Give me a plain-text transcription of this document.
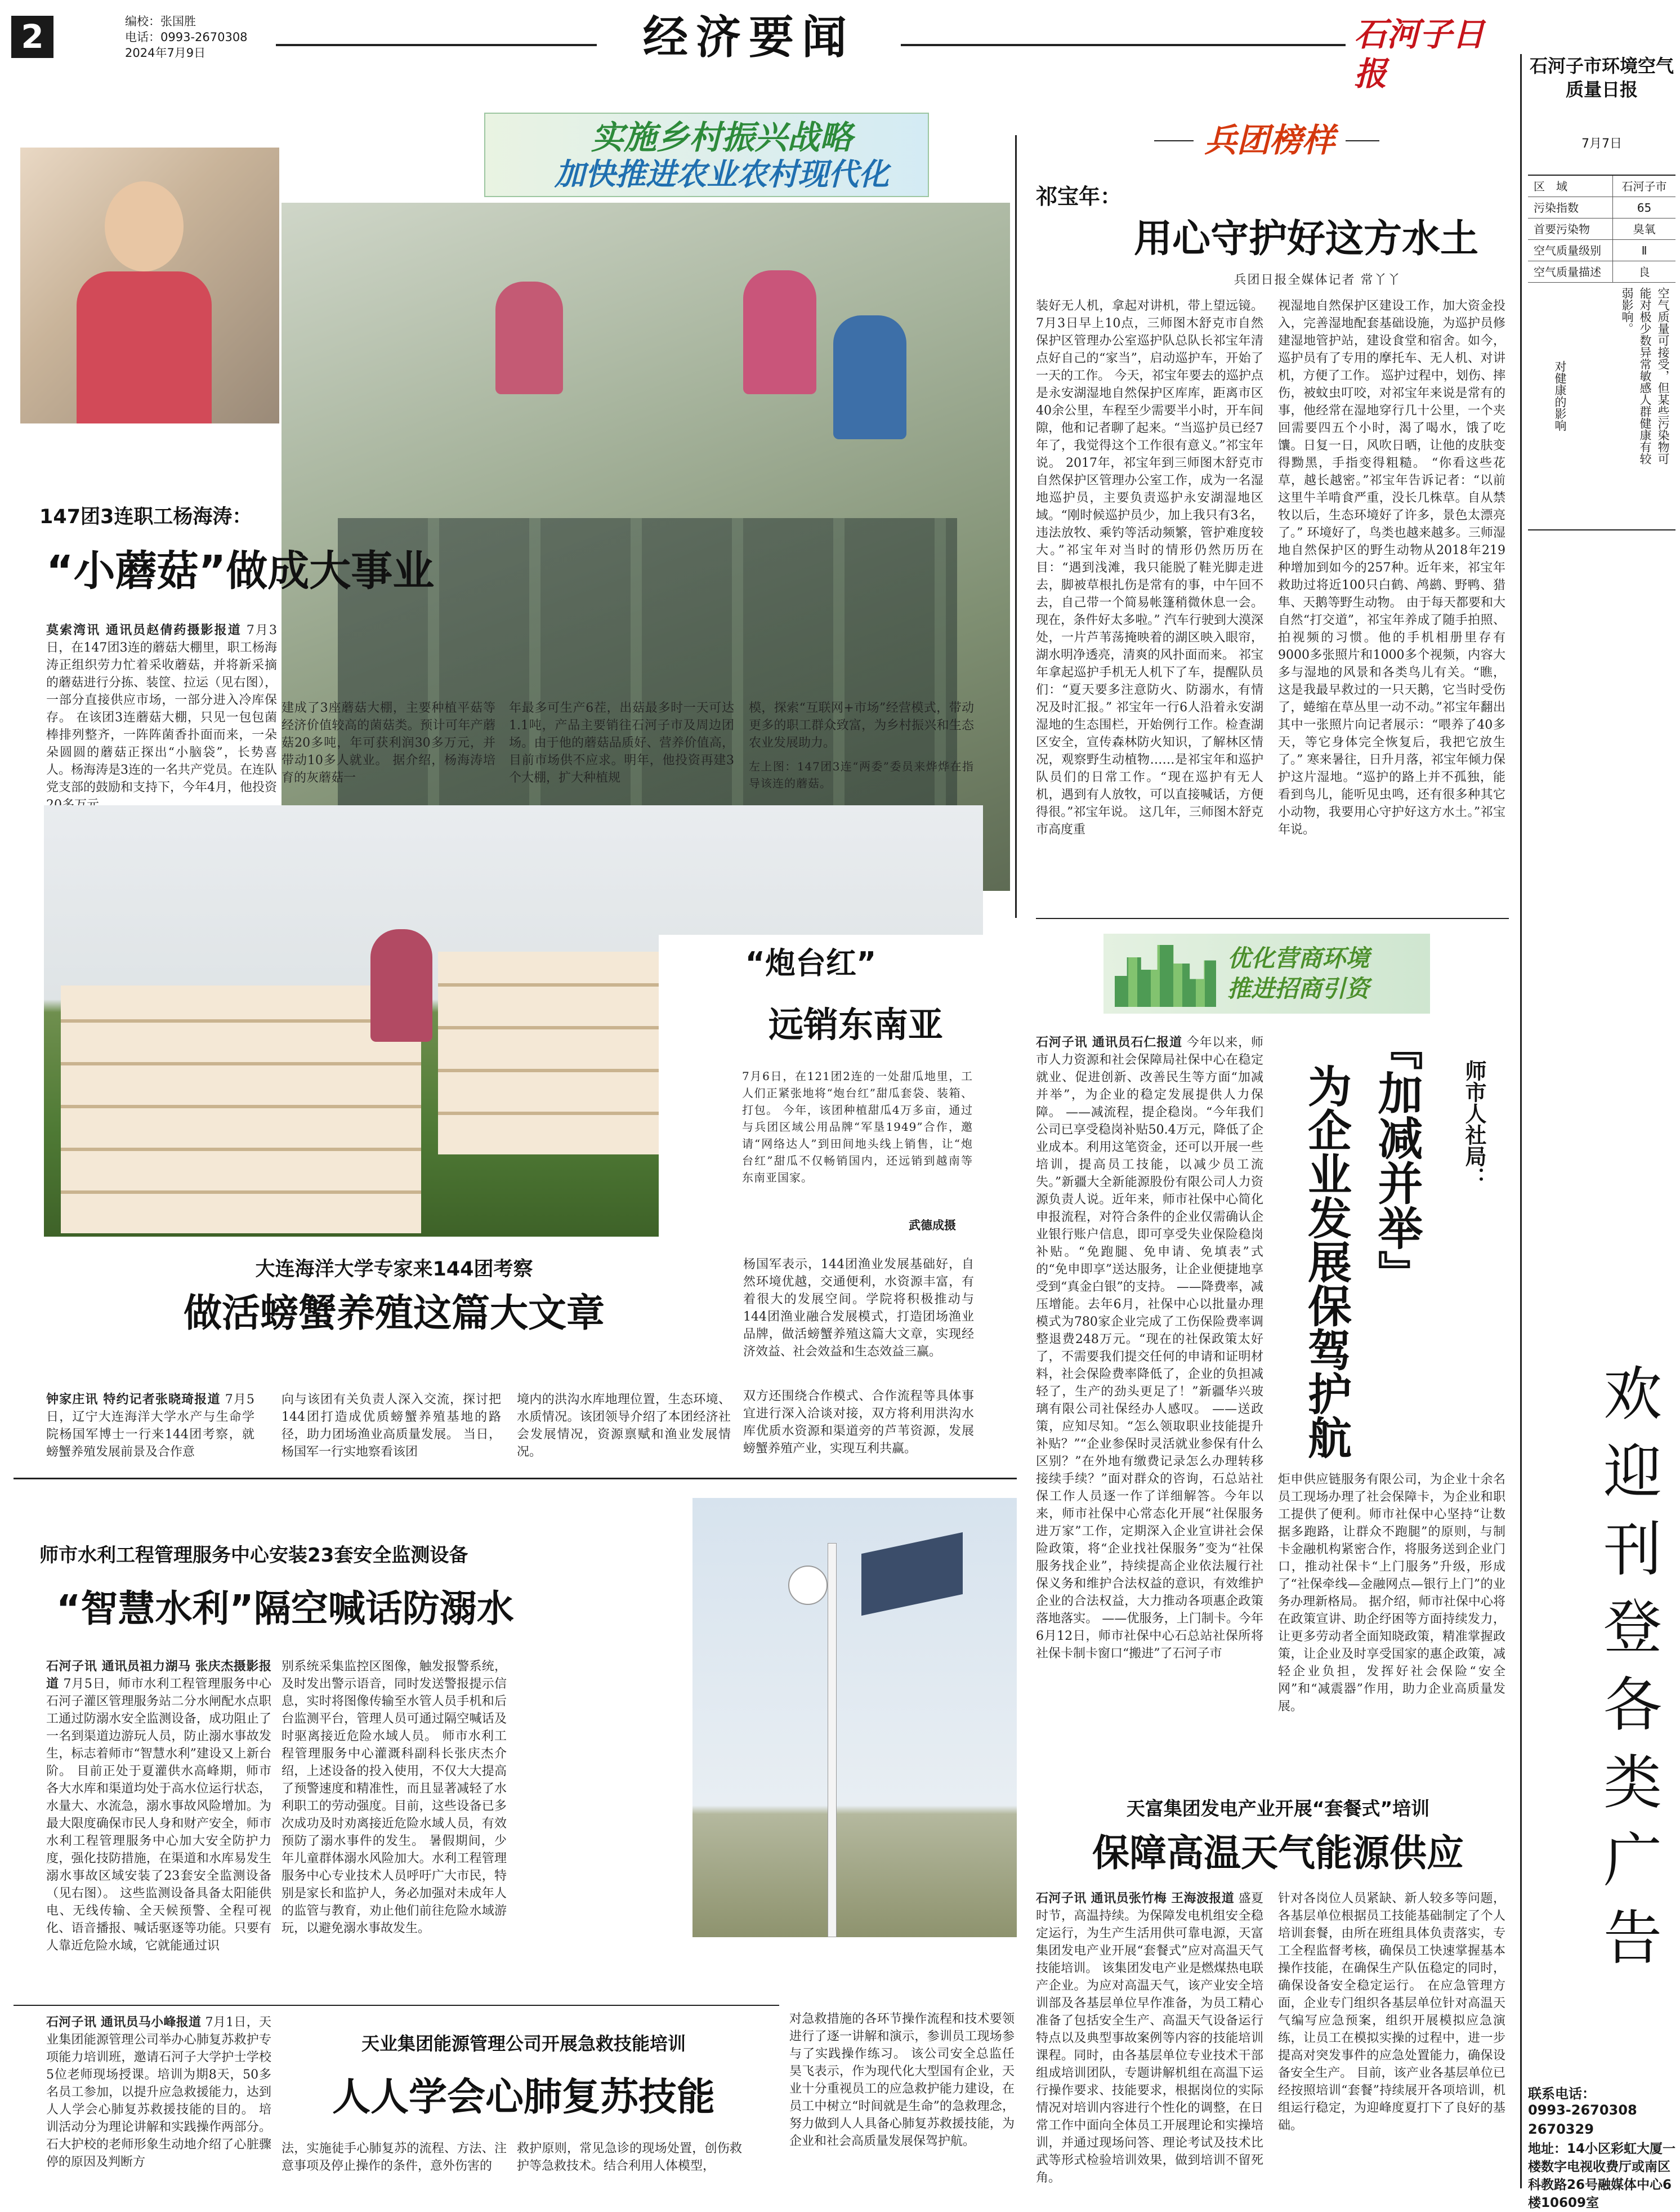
2	编校：张国胜
电话：0993-2670308
2024年7月9日	经济要闻	石河子日报
实施乡村振兴战略
加快推进农业农村现代化
147团3连职工杨海涛：
“小蘑菇”做成大事业
莫索湾讯 通讯员赵倩药摄影报道 7月3日，在147团3连的蘑菇大棚里，职工杨海涛正组织劳力忙着采收蘑菇，并将新采摘的蘑菇进行分拣、装筐、拉运（见右图），一部分直接供应市场，一部分进入冷库保存。 在该团3连蘑菇大棚，只见一包包菌棒排列整齐，一阵阵菌香扑面而来，一朵朵圆圆的蘑菇正探出“小脑袋”，长势喜人。杨海涛是3连的一名共产党员。在连队党支部的鼓励和支持下，今年4月，他投资
建成了3座蘑菇大棚，主要种植平菇等经济价值较高的菌菇类。预计可年产蘑菇20多吨，年可获利润30多万元，并带动10多人就业。 据介绍，杨海涛培育的灰蘑菇一
年最多可生产6茬，出菇最多时一天可达1.1吨，产品主要销往石河子市及周边团场。由于他的蘑菇品质好、营养价值高，目前市场供不应求。明年，他投资再建3个大棚，扩大种植规
模，探索“互联网+市场”经营模式，带动更多的职工群众致富，为乡村振兴和生态农业发展助力。
左上图：147团3连“两委”委员来烨烨在指导该连的蘑菇。
“炮台红”
远销东南亚
7月6日，在121团2连的一处甜瓜地里，工人们正紧张地将“炮台红”甜瓜套袋、装箱、打包。 今年，该团种植甜瓜4万多亩，通过与兵团区域公用品牌“军垦1949”合作，邀请“网络达人”到田间地头线上销售，让“炮台红”甜瓜不仅畅销国内，还远销到越南等东南亚国家。
武德成摄
大连海洋大学专家来144团考察
做活螃蟹养殖这篇大文章
钟家庄讯 特约记者张晓琦报道 7月5日，辽宁大连海洋大学水产与生命学院杨国军博士一行来144团考察，就螃蟹养殖发展前景及合作意
向与该团有关负责人深入交流，探讨把144团打造成优质螃蟹养殖基地的路径，助力团场渔业高质量发展。 当日，杨国军一行实地察看该团
境内的洪沟水库地理位置，生态环境、水质情况。该团领导介绍了本团经济社会发展情况，资源禀赋和渔业发展情况。
杨国军表示，144团渔业发展基础好，自然环境优越，交通便利，水资源丰富，有着很大的发展空间。学院将积极推动与144团渔业融合发展模式，打造团场渔业品牌，做活螃蟹养殖这篇大文章，实现经济效益、社会效益和生态效益三赢。
双方还围绕合作模式、合作流程等具体事宜进行深入洽谈对接，双方将利用洪沟水库优质水资源和渠道旁的芦苇资源，发展螃蟹养殖产业，实现互利共赢。
师市水利工程管理服务中心安装23套安全监测设备
“智慧水利”隔空喊话防溺水
石河子讯 通讯员祖力湖马 张庆杰摄影报道 7月5日，师市水利工程管理服务中心石河子灌区管理服务站二分水闸配水点职工通过防溺水安全监测设备，成功阻止了一名到渠道边游玩人员，防止溺水事故发生，标志着师市“智慧水利”建设又上新台阶。 目前正处于夏灌供水高峰期，师市各大水库和渠道均处于高水位运行状态，水量大、水流急，溺水事故风险增加。为最大限度确保市民人身和财产安全，师市水利工程管理服务中心加大安全防护力度，强化技防措施，在渠道和水库易发生溺水事故区域安装了23套安全监测设备（见右图）。 这些监测设备具备太阳能供电、无线传输、全天候预警、全程可视化、语音播报、喊话驱逐等功能。只要有人靠近危险水域，它就能通过识
别系统采集监控区图像，触发报警系统，及时发出警示语音，同时发送警报提示信息，实时将图像传输至水管人员手机和后台监测平台，管理人员可通过隔空喊话及时驱离接近危险水域人员。 师市水利工程管理服务中心灌溉科副科长张庆杰介绍，上述设备的投入使用，不仅大大提高了预警速度和精准性，而且显著减轻了水利职工的劳动强度。目前，这些设备已多次成功及时劝离接近危险水域人员，有效预防了溺水事件的发生。 暑假期间，少年儿童群体溺水风险加大。水利工程管理服务中心专业技术人员呼吁广大市民，特别是家长和监护人，务必加强对未成年人的监管与教育，劝止他们前往危险水域游玩，以避免溺水事故发生。
石河子讯 通讯员马小峰报道 7月1日，天业集团能源管理公司举办心肺复苏救护专项能力培训班，邀请石河子大学护士学校5位老师现场授课。培训为期8天，50多名员工参加，以提升应急救援能力，达到人人学会心肺复苏救援技能的目的。 培训活动分为理论讲解和实践操作两部分。石大护校的老师形象生动地介绍了心脏骤停的原因及判断方
天业集团能源管理公司开展急救技能培训
人人学会心肺复苏技能
法，实施徒手心肺复苏的流程、方法、注意事项及停止操作的条件，意外伤害的
救护原则，常见急诊的现场处置，创伤救护等急救技术。结合利用人体模型，
对急救措施的各环节操作流程和技术要领进行了逐一讲解和演示，参训员工现场参与了实践操作练习。 该公司安全总监任昊飞表示，作为现代化大型国有企业，天业十分重视员工的应急救护能力建设，在员工中树立“时间就是生命”的急救理念，努力做到人人具备心肺复苏救援技能，为企业和社会高质量发展保驾护航。
兵团榜样
祁宝年：
用心守护好这方水土
兵团日报全媒体记者 常丫丫
装好无人机，拿起对讲机，带上望远镜。7月3日早上10点，三师图木舒克市自然保护区管理办公室巡护队总队长祁宝年清点好自己的“家当”，启动巡护车，开始了一天的工作。 今天，祁宝年要去的巡护点是永安湖湿地自然保护区库库，距离市区40余公里，车程至少需要半小时，开车间隙，他和记者聊了起来。“当巡护员已经7年了，我觉得这个工作很有意义。”祁宝年说。 2017年，祁宝年到三师图木舒克市自然保护区管理办公室工作，成为一名湿地巡护员，主要负责巡护永安湖湿地区域。“刚时候巡护员少，加上我只有3名，违法放牧、乘钓等活动频繁，管护难度较大。”祁宝年对当时的情形仍然历历在目：“遇到浅滩，我只能脱了鞋光脚走进去，脚被草根扎伤是常有的事，中午回不去，自己带一个简易帐篷稍微休息一会。现在，条件好太多啦。” 汽车行驶到大漠深处，一片芦苇荡掩映着的湖区映入眼帘，湖水明净透亮，清爽的风扑面而来。 祁宝年拿起巡护手机无人机下了车，提醒队员们：“夏天要多注意防火、防溺水，有情况及时汇报。” 祁宝年一行6人沿着永安湖湿地的生态围栏，开始例行工作。检查湖区安全，宣传森林防火知识，了解林区情况，观察野生动植物……是祁宝年和巡护队员们的日常工作。“现在巡护有无人机，遇到有人放牧，可以直接喊话，方便得很。”祁宝年说。 这几年，三师图木舒克市高度重
视湿地自然保护区建设工作，加大资金投入，完善湿地配套基础设施，为巡护员修建湿地管护站，建设食堂和宿舍。如今，巡护员有了专用的摩托车、无人机、对讲机，方便了工作。 巡护过程中，划伤、摔伤，被蚊虫叮咬，对祁宝年来说是常有的事，他经常在湿地穿行几十公里，一个夹回需要四五个小时，渴了喝水，饿了吃馕。日复一日，风吹日晒，让他的皮肤变得黝黑，手指变得粗糙。 “你看这些花草，越长越密。”祁宝年告诉记者：“以前这里牛羊啃食严重，没长几株草。自从禁牧以后，生态环境好了许多，景色太漂亮了。” 环境好了，鸟类也越来越多。三师湿地自然保护区的野生动物从2018年219种增加到如今的257种。近年来，祁宝年救助过将近100只白鹤、鸬鹚、野鸭、猎隼、天鹅等野生动物。 由于每天都要和大自然“打交道”，祁宝年养成了随手拍照、拍视频的习惯。他的手机相册里存有9000多张照片和1000多个视频，内容大多与湿地的风景和各类鸟儿有关。“瞧，这是我最早救过的一只天鹅，它当时受伤了，蜷缩在草丛里一动不动。”祁宝年翻出其中一张照片向记者展示：“喂养了40多天，等它身体完全恢复后，我把它放生了。” 寒来暑往，日升月落，祁宝年倾力保护这片湿地。“巡护的路上并不孤独，能看到鸟儿，能听见虫鸣，还有很多种其它小动物，我要用心守护好这方水土。”祁宝年说。
优化营商环境
推进招商引资
师市人社局：
『加减并举』
为企业发展保驾护航
石河子讯 通讯员石仁报道 今年以来，师市人力资源和社会保障局社保中心在稳定就业、促进创新、改善民生等方面“加减并举”，为企业的稳定发展提供人力保障。 ——减流程，提企稳岗。“今年我们公司已享受稳岗补贴50.4万元，降低了企业成本。利用这笔资金，还可以开展一些培训，提高员工技能，以减少员工流失。”新疆大全新能源股份有限公司人力资源负责人说。近年来，师市社保中心简化申报流程，对符合条件的企业仅需确认企业银行账户信息，即可享受失业保险稳岗补贴。“免跑腿、免申请、免填表”式的“免申即享”送达服务，让企业便捷地享受到“真金白银”的支持。 ——降费率，减压增能。去年6月，社保中心以批量办理模式为780家企业完成了工伤保险费率调整退费248万元。“现在的社保政策太好了，不需要我们提交任何的申请和证明材料，社会保险费率降低了，企业的负担减轻了，生产的劲头更足了！”新疆华兴玻璃有限公司社保经办人感叹。 ——送政策，应知尽知。“怎么领取职业技能提升补贴？”“企业参保时灵活就业参保有什么区别？”在外地有缴费记录怎么办理转移接续手续？”面对群众的咨询，石总站社保工作人员逐一作了详细解答。今年以来，师市社保中心常态化开展“社保服务进万家”工作，定期深入企业宣讲社会保险政策，将“企业找社保服务”变为“社保服务找企业”，持续提高企业依法履行社保义务和维护合法权益的意识，有效维护企业的合法权益，大力推动各项惠企政策落地落实。 ——优服务，上门制卡。今年6月12日，师市社保中心石总站社保所将社保卡制卡窗口“搬进”了石河子市
炬申供应链服务有限公司，为企业十余名员工现场办理了社会保障卡，为企业和职工提供了便利。师市社保中心坚持“让数据多跑路，让群众不跑腿”的原则，与制卡金融机构紧密合作，将服务送到企业门口，推动社保卡“上门服务”升级，形成了“社保牵线—金融网点—银行上门”的业务办理新格局。 据介绍，师市社保中心将在政策宣讲、助企纾困等方面持续发力，让更多劳动者全面知晓政策，精准掌握政策，让企业及时享受国家的惠企政策，减轻企业负担，发挥好社会保险“安全网”和“减震器”作用，助力企业高质量发展。
天富集团发电产业开展“套餐式”培训
保障高温天气能源供应
石河子讯 通讯员张竹梅 王海波报道 盛夏时节，高温持续。为保障发电机组安全稳定运行，为生产生活用供可靠电源，天富集团发电产业开展“套餐式”应对高温天气技能培训。 该集团发电产业是燃煤热电联产企业。为应对高温天气，该产业安全培训部及各基层单位早作准备，为员工精心准备了包括安全生产、高温天气设备运行特点以及典型事故案例等内容的技能培训课程。同时，由各基层单位专业技术干部组成培训团队，专题讲解机组在高温下运行操作要求、技能要求，根据岗位的实际情况对培训内容进行个性化的调整，在日常工作中面向全体员工开展理论和实操培训，并通过现场问答、理论考试及技术比武等形式检验培训效果，做到培训不留死角。
针对各岗位人员紧缺、新人较多等问题，各基层单位根据员工技能基础制定了个人培训套餐，由所在班组具体负责落实，专工全程监督考核，确保员工快速掌握基本操作技能，在确保生产队伍稳定的同时，确保设备安全稳定运行。 在应急管理方面，企业专门组织各基层单位针对高温天气编写应急预案，组织开展模拟应急演练，让员工在模拟实操的过程中，进一步提高对突发事件的应急处置能力，确保设备安全生产。 目前，该产业各基层单位已经按照培训“套餐”持续展开各项培训，机组运行稳定，为迎峰度夏打下了良好的基础。
石河子市环境空气质量日报
7月7日
区　域	石河子市
污染指数	65
首要污染物	臭氧
空气质量级别	Ⅱ
空气质量描述	良
对健康的影响	空气质量可接受，但某些污染物可能对极少数异常敏感人群健康有较弱影响。
欢迎刊登各类广告
联系电话：
0993-2670308　2670329
地址：14小区彩虹大厦一楼数字电视收费厅或南区科教路26号融媒体中心6楼10609室
